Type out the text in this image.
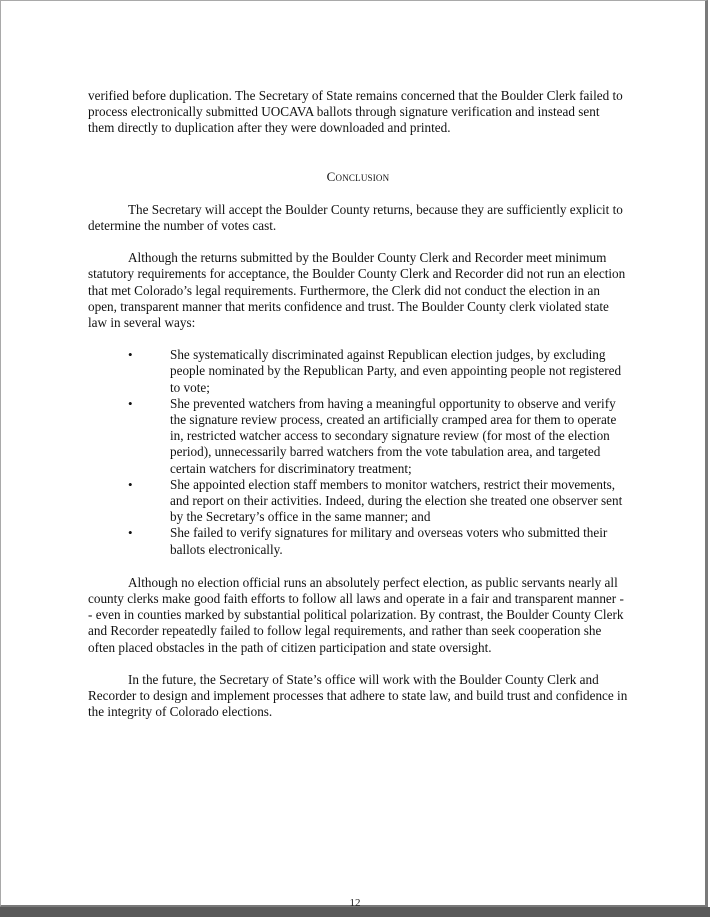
verified before duplication. The Secretary of State remains concerned that the Boulder Clerk failed to process electronically submitted UOCAVA ballots through signature verification and instead sent them directly to duplication after they were downloaded and printed.

Conclusion

The Secretary will accept the Boulder County returns, because they are sufficiently explicit to determine the number of votes cast.

Although the returns submitted by the Boulder County Clerk and Recorder meet minimum statutory requirements for acceptance, the Boulder County Clerk and Recorder did not run an election that met Colorado’s legal requirements. Furthermore, the Clerk did not conduct the election in an open, transparent manner that merits confidence and trust. The Boulder County clerk violated state law in several ways:

•	She systematically discriminated against Republican election judges, by excluding people nominated by the Republican Party, and even appointing people not registered to vote;
•	She prevented watchers from having a meaningful opportunity to observe and verify the signature review process, created an artificially cramped area for them to operate in, restricted watcher access to secondary signature review (for most of the election period), unnecessarily barred watchers from the vote tabulation area, and targeted certain watchers for discriminatory treatment;
•	She appointed election staff members to monitor watchers, restrict their movements, and report on their activities. Indeed, during the election she treated one observer sent by the Secretary’s office in the same manner; and
•	She failed to verify signatures for military and overseas voters who submitted their ballots electronically.

Although no election official runs an absolutely perfect election, as public servants nearly all county clerks make good faith efforts to follow all laws and operate in a fair and transparent manner -- even in counties marked by substantial political polarization. By contrast, the Boulder County Clerk and Recorder repeatedly failed to follow legal requirements, and rather than seek cooperation she often placed obstacles in the path of citizen participation and state oversight.

In the future, the Secretary of State’s office will work with the Boulder County Clerk and Recorder to design and implement processes that adhere to state law, and build trust and confidence in the integrity of Colorado elections.

12
